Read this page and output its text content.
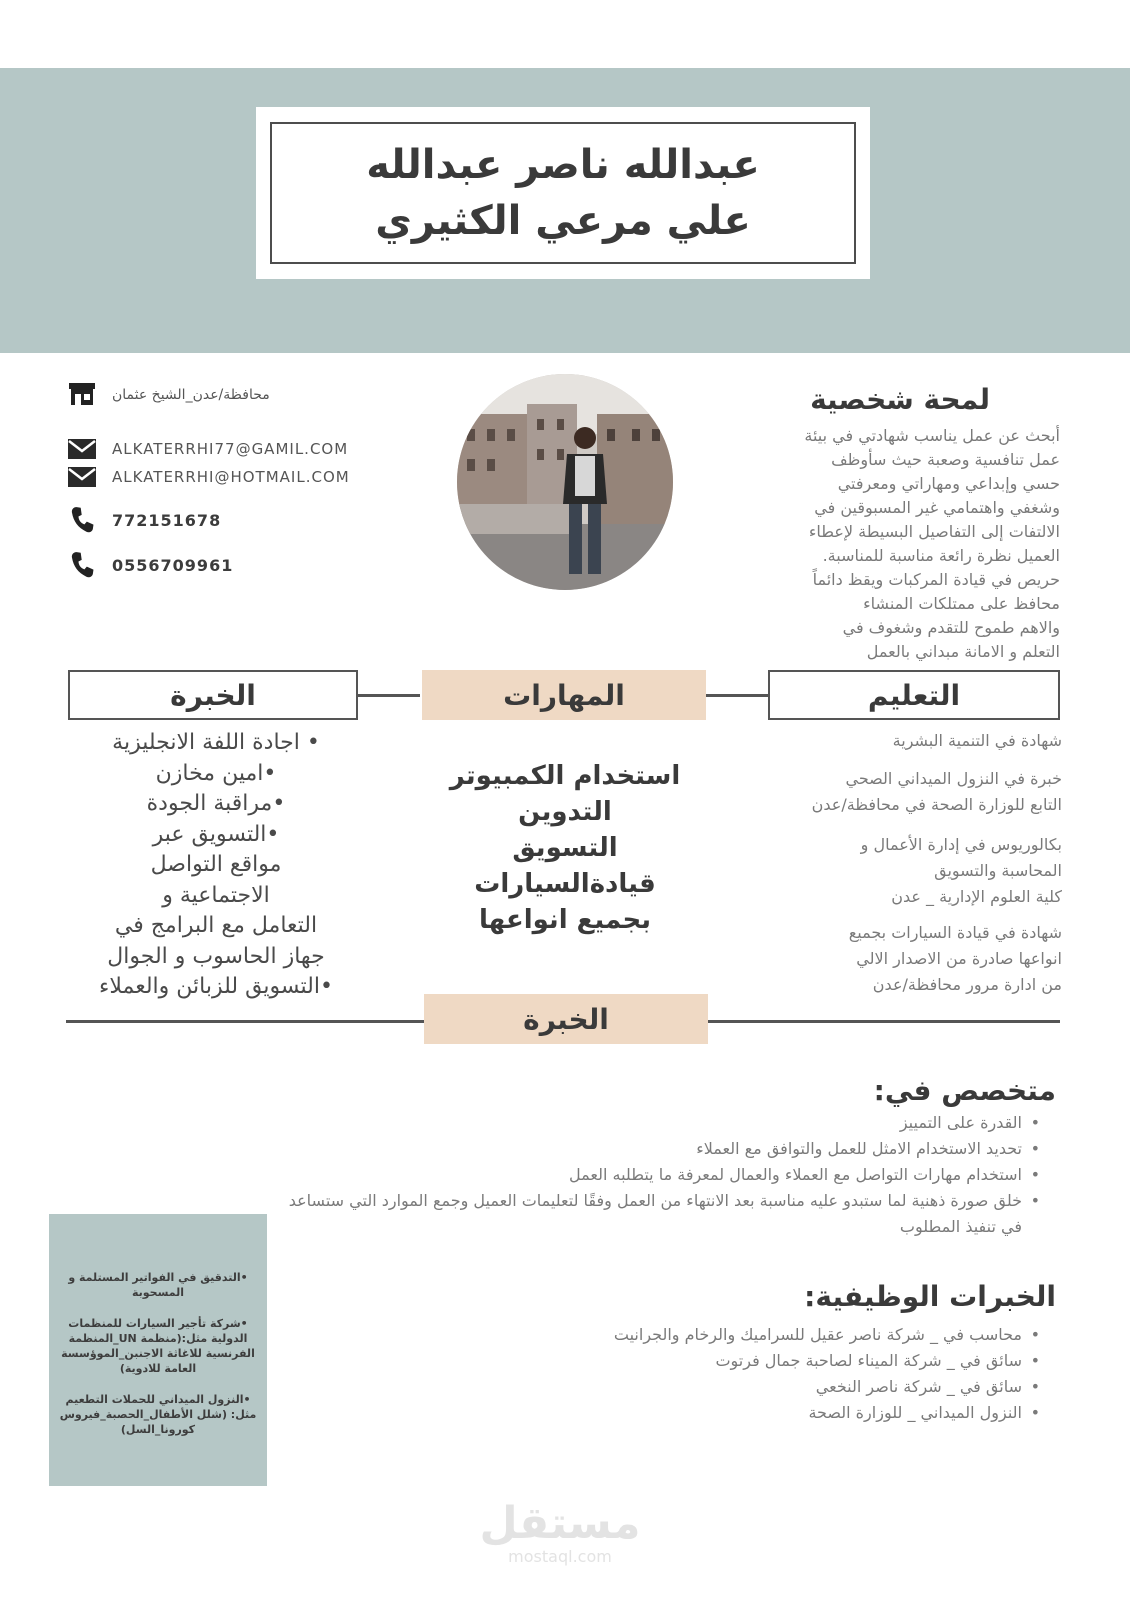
عبدالله ناصر عبدالله
علي مرعي الكثيري
محافظة/عدن_الشيخ عثمان
ALKATERRHI77@GAMIL.COM
ALKATERRHI@HOTMAIL.COM
772151678
0556709961
لمحة شخصية
أبحث عن عمل يناسب شهادتي في بيئة
عمل تنافسية وصعبة حيث سأوظف
حسي وإبداعي ومهاراتي ومعرفتي
وشغفي واهتمامي غير المسبوقين في
الالتفات إلى التفاصيل البسيطة لإعطاء
العميل نظرة رائعة مناسبة للمناسبة.
حريص في قيادة المركبات ويقظ دائماً
محافظ على ممتلكات المنشاء
والاهم طموح للتقدم وشغوف في
التعلم و الامانة مبداني بالعمل
الخبرة	المهارات	التعليم
شهادة في التنمية البشرية
خبرة في النزول الميداني الصحي
التابع للوزارة الصحة في محافظة/عدن
بكالوريوس في إدارة الأعمال و
المحاسبة والتسويق
كلية العلوم الإدارية _ عدن
شهادة في قيادة السيارات بجميع
انواعها صادرة من الاصدار الالي
من ادارة مرور محافظة/عدن
استخدام الكمبيوتر
التدوين
التسويق
قيادةالسيارات
بجميع انواعها
• اجادة اللفة الانجليزية
•امين مخازن
•مراقبة الجودة
•التسويق عبر
مواقع التواصل
الاجتماعية و
التعامل مع البرامج في
جهاز الحاسوب و الجوال
•التسويق للزبائن والعملاء
الخبرة
متخصص في:
• القدرة على التمييز
• تحديد الاستخدام الامثل للعمل والتوافق مع العملاء
• استخدام مهارات التواصل مع العملاء والعمال لمعرفة ما يتطلبه العمل
• خلق صورة ذهنية لما ستبدو عليه مناسبة بعد الانتهاء من العمل وفقًا لتعليمات العميل وجمع الموارد التي ستساعد في تنفيذ المطلوب
الخبرات الوظيفية:
• محاسب في _ شركة ناصر عقيل للسراميك والرخام والجرانيت
• سائق في _ شركة الميناء لصاحبة جمال فرتوت
• سائق في _ شركة ناصر النخعي
• النزول الميداني _ للوزارة الصحة
•التدقيق في الفواتير المستلمة و المسحوبة
•شركة تأجير السيارات للمنظمات الدولية مثل:(منظمة UN_المنظمة الفرنسية للاغاثة الاجنبن_الموؤسسة العامة للادوية)
•النزول الميداني للحملات التطعيم مثل: (شلل الأطفال_الحصبة_فيروس كورونا_السل)
مستقل
mostaql.com
